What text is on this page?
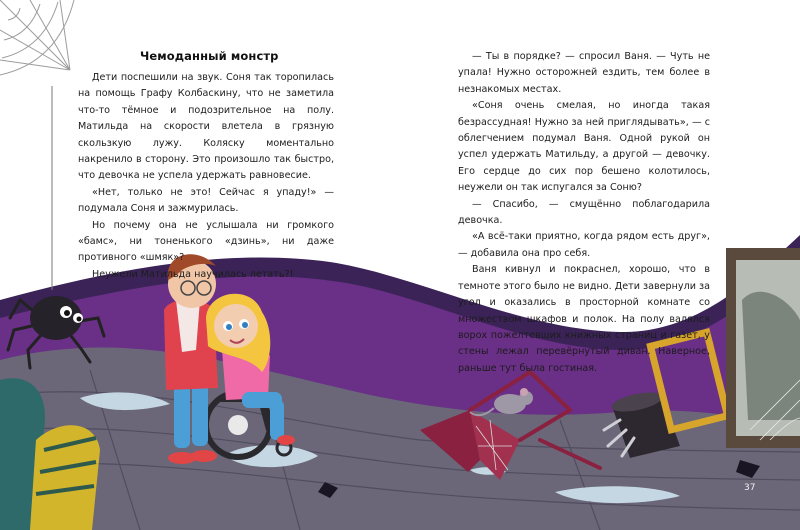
Чемоданный монстр

Дети поспешили на звук. Соня так торопилась на помощь Графу Колбаскину, что не заметила что-то тёмное и подозрительное на полу. Матильда на скорости влетела в грязную скользкую лужу. Коляску моментально накренило в сторону. Это произошло так быстро, что девочка не успела удержать равновесие.

«Нет, только не это! Сейчас я упаду!» — подумала Соня и зажмурилась.

Но почему она не услышала ни громкого «бамс», ни тоненького «дзинь», ни даже противного «шмяк»?

Неужели Матильда научилась летать?!

— Ты в порядке? — спросил Ваня. — Чуть не упала! Нужно осторожней ездить, тем более в незнакомых местах.

«Соня очень смелая, но иногда такая безрассудная! Нужно за ней приглядывать», — с облегчением подумал Ваня. Одной рукой он успел удержать Матильду, а другой — девочку. Его сердце до сих пор бешено колотилось, неужели он так испугался за Соню?

— Спасибо, — смущённо поблагодарила девочка.

«А всё-таки приятно, когда рядом есть друг», — добавила она про себя.

Ваня кивнул и покраснел, хорошо, что в темноте этого было не видно. Дети завернули за угол и оказались в просторной комнате со множеством шкафов и полок. На полу валялся ворох пожелтевших книжных страниц и газет, у стены лежал перевёрнутый диван. Наверное, раньше тут была гостиная.

37
